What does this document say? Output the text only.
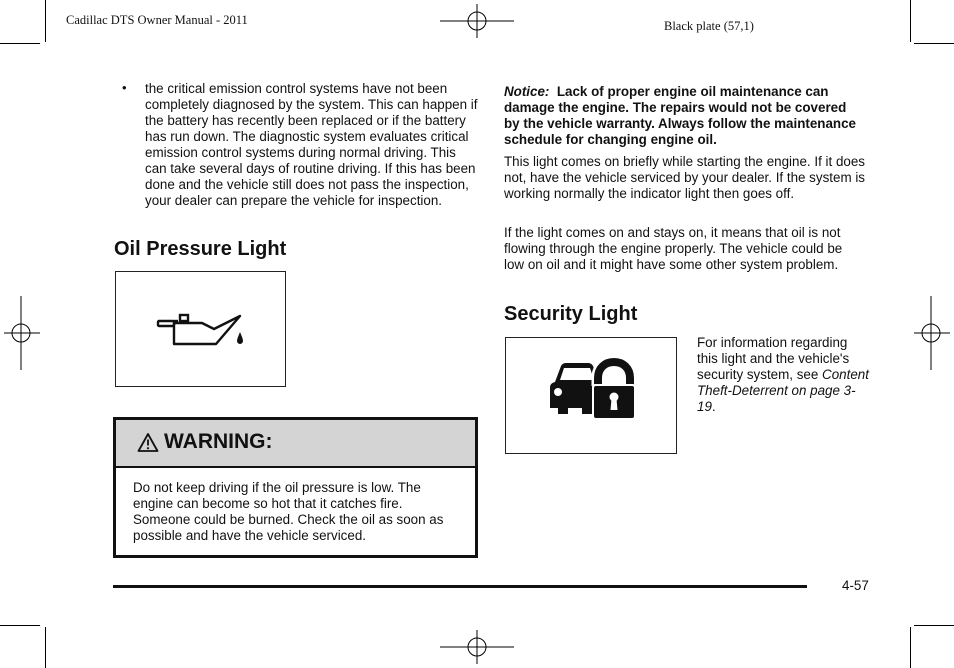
Cadillac DTS Owner Manual - 2011	Black plate (57,1)
• the critical emission control systems have not been completely diagnosed by the system. This can happen if the battery has recently been replaced or if the battery has run down. The diagnostic system evaluates critical emission control systems during normal driving. This can take several days of routine driving. If this has been done and the vehicle still does not pass the inspection, your dealer can prepare the vehicle for inspection.

Oil Pressure Light
WARNING:

Do not keep driving if the oil pressure is low. The engine can become so hot that it catches fire. Someone could be burned. Check the oil as soon as possible and have the vehicle serviced.

Notice: Lack of proper engine oil maintenance can damage the engine. The repairs would not be covered by the vehicle warranty. Always follow the maintenance schedule for changing engine oil.

This light comes on briefly while starting the engine. If it does not, have the vehicle serviced by your dealer. If the system is working normally the indicator light then goes off.

If the light comes on and stays on, it means that oil is not flowing through the engine properly. The vehicle could be low on oil and it might have some other system problem.

Security Light

For information regarding this light and the vehicle's security system, see Content Theft-Deterrent on page 3-19.

4-57
